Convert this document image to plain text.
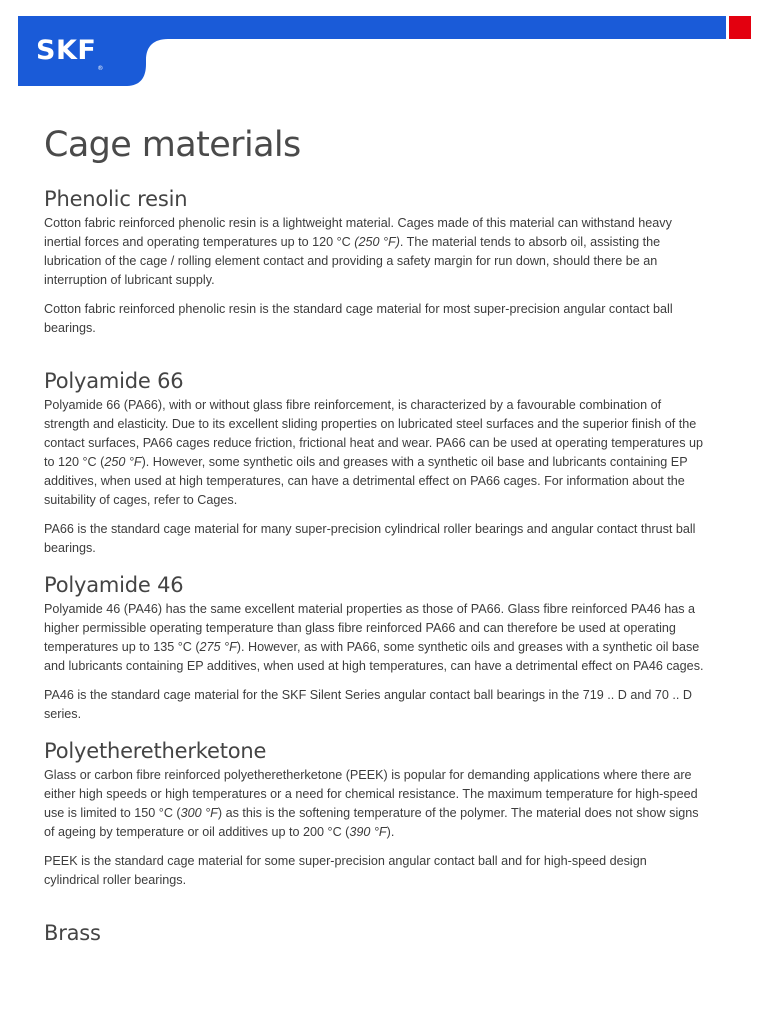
SKF®
Cage materials
Phenolic resin

Cotton fabric reinforced phenolic resin is a lightweight material. Cages made of this material can withstand heavy inertial forces and operating temperatures up to 120 °C (250 °F). The material tends to absorb oil, assisting the lubrication of the cage / rolling element contact and providing a safety margin for run down, should there be an interruption of lubricant supply.

Cotton fabric reinforced phenolic resin is the standard cage material for most super-precision angular contact ball bearings.

Polyamide 66

Polyamide 66 (PA66), with or without glass fibre reinforcement, is characterized by a favourable combination of strength and elasticity. Due to its excellent sliding properties on lubricated steel surfaces and the superior finish of the contact surfaces, PA66 cages reduce friction, frictional heat and wear. PA66 can be used at operating temperatures up to 120 °C (250 °F). However, some synthetic oils and greases with a synthetic oil base and lubricants containing EP additives, when used at high temperatures, can have a detrimental effect on PA66 cages. For information about the suitability of cages, refer to Cages.

PA66 is the standard cage material for many super-precision cylindrical roller bearings and angular contact thrust ball bearings.

Polyamide 46

Polyamide 46 (PA46) has the same excellent material properties as those of PA66. Glass fibre reinforced PA46 has a higher permissible operating temperature than glass fibre reinforced PA66 and can therefore be used at operating temperatures up to 135 °C (275 °F). However, as with PA66, some synthetic oils and greases with a synthetic oil base and lubricants containing EP additives, when used at high temperatures, can have a detrimental effect on PA46 cages.

PA46 is the standard cage material for the SKF Silent Series angular contact ball bearings in the 719 .. D and 70 .. D series.

Polyetheretherketone

Glass or carbon fibre reinforced polyetheretherketone (PEEK) is popular for demanding applications where there are either high speeds or high temperatures or a need for chemical resistance. The maximum temperature for high-speed use is limited to 150 °C (300 °F) as this is the softening temperature of the polymer. The material does not show signs of ageing by temperature or oil additives up to 200 °C (390 °F).

PEEK is the standard cage material for some super-precision angular contact ball and for high-speed design cylindrical roller bearings.

Brass
